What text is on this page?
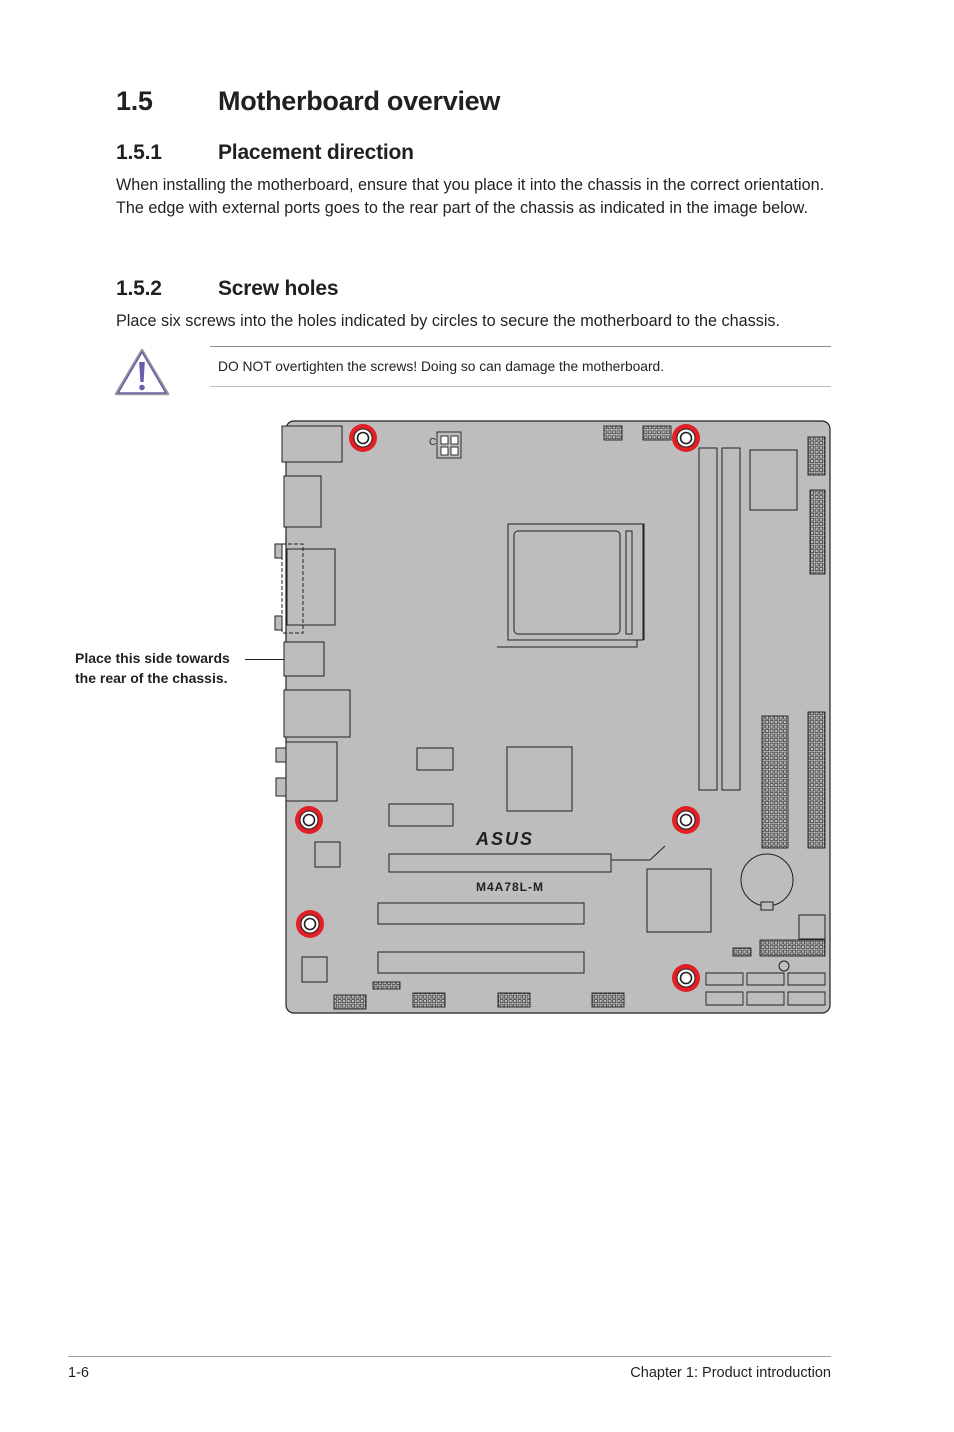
1.5 Motherboard overview
1.5.1	Placement direction
When installing the motherboard, ensure that you place it into the chassis in the correct orientation. The edge with external ports goes to the rear part of the chassis as indicated in the image below.
1.5.2	Screw holes
Place six screws into the holes indicated by circles to secure the motherboard to the chassis.
DO NOT overtighten the screws! Doing so can damage the motherboard.
Place this side towards
the rear of the chassis.
C
ASUS
M4A78L-M
1-6	Chapter 1: Product introduction
